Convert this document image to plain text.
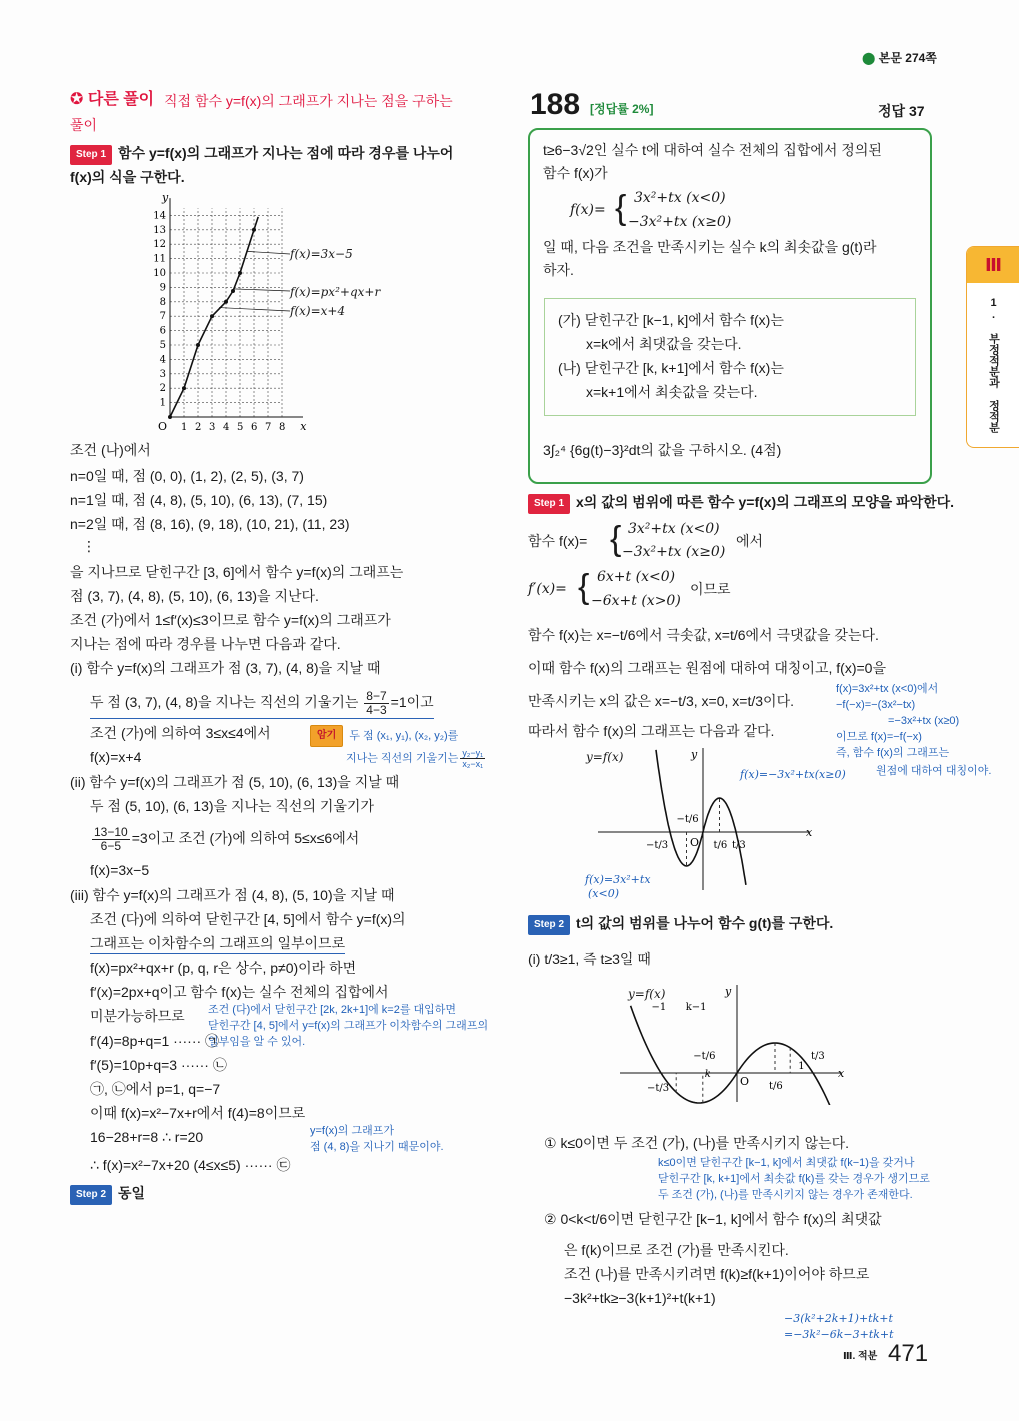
⬤ 본문 274쪽
✪ 다른 풀이 직접 함수 y=f(x)의 그래프가 지나는 점을 구하는
풀이
Step 1 함수 y=f(x)의 그래프가 지나는 점에 따라 경우를 나누어
f(x)의 식을 구한다.
1 2 3 4 5 6 7 8
1
2
3
4
5
6
7
8
9
10
11
12
13
14
O	x
y
f(x)=3x−5
f(x)=px²+qx+r
f(x)=x+4
조건 (나)에서
n=0일 때, 점 (0, 0), (1, 2), (2, 5), (3, 7)
n=1일 때, 점 (4, 8), (5, 10), (6, 13), (7, 15)
n=2일 때, 점 (8, 16), (9, 18), (10, 21), (11, 23)
⋮
을 지나므로 닫힌구간 [3, 6]에서 함수 y=f(x)의 그래프는
점 (3, 7), (4, 8), (5, 10), (6, 13)을 지난다.
조건 (가)에서 1≤f′(x)≤3이므로 함수 y=f(x)의 그래프가
지나는 점에 따라 경우를 나누면 다음과 같다.
(i) 함수 y=f(x)의 그래프가 점 (3, 7), (4, 8)을 지날 때
두 점 (3, 7), (4, 8)을 지나는 직선의 기울기는 $\frac{8-7}{4-3} =1$이고
조건 (가)에 의하여 3≤x≤4에서	암기 두 점 (x₁, y₁), (x₂, y₂)를
지나는 직선의 기울기는 $\frac{\text{y₂−y₁}}{\text{x₂−x₁}}$
f(x)=x+4
(ii) 함수 y=f(x)의 그래프가 점 (5, 10), (6, 13)을 지날 때
두 점 (5, 10), (6, 13)을 지나는 직선의 기울기가
$\frac{13-10}{6-5} =3$이고 조건 (가)에 의하여 5≤x≤6에서
f(x)=3x−5
(iii) 함수 y=f(x)의 그래프가 점 (4, 8), (5, 10)을 지날 때
조건 (다)에 의하여 닫힌구간 [4, 5]에서 함수 y=f(x)의
그래프는 이차함수의 그래프의 일부이므로
f(x)=px²+qx+r (p, q, r은 상수, p≠0)이라 하면
f′(x)=2px+q이고 함수 f(x)는 실수 전체의 집합에서
미분가능하므로 조건 (다)에서 닫힌구간 [2k, 2k+1]에 k=2를 대입하면
닫힌구간 [4, 5]에서 y=f(x)의 그래프가 이차함수의 그래프의
일부임을 알 수 있어.
f′(4)=8p+q=1 ······ ㉠
f′(5)=10p+q=3 ······ ㉡
㉠, ㉡에서 p=1, q=−7
이때 f(x)=x²−7x+r에서 f(4)=8이므로
16−28+r=8 ∴ r=20	y=f(x)의 그래프가
점 (4, 8)을 지나기 때문이야.
∴ f(x)=x²−7x+20 (4≤x≤5) ······ ㉢
Step 2 동일
188 [정답률 2%]	정답 37
t≥6−3√2인 실수 t에 대하여 실수 전체의 집합에서 정의된
함수 f(x)가
f(x)= { 3x²+tx (x<0)
−3x²+tx (x≥0)
일 때, 다음 조건을 만족시키는 실수 k의 최솟값을 g(t)라
하자.
(가) 닫힌구간 [k−1, k]에서 함수 f(x)는
x=k에서 최댓값을 갖는다.
(나) 닫힌구간 [k, k+1]에서 함수 f(x)는
x=k+1에서 최솟값을 갖는다.
3∫₂⁴ {6g(t)−3}²dt의 값을 구하시오. (4점)
Step 1 x의 값의 범위에 따른 함수 y=f(x)의 그래프의 모양을 파악한다.
함수 f(x)= { 3x²+tx (x<0)
−3x²+tx (x≥0)
에서
f′(x)= { 6x+t (x<0)
−6x+t (x>0)
이므로
함수 f(x)는 x=−t/6에서 극솟값, x=t/6에서 극댓값을 갖는다.
이때 함수 f(x)의 그래프는 원점에 대하여 대칭이고, f(x)=0을
만족시키는 x의 값은 x=−t/3, x=0, x=t/3이다.
따라서 함수 f(x)의 그래프는 다음과 같다.
f(x)=3x²+tx (x<0)에서
−f(−x)=−(3x²−tx)
=−3x²+tx (x≥0)
이므로 f(x)=−f(−x)
즉, 함수 f(x)의 그래프는
원점에 대하여 대칭이야.
−t/6
−t/3	t/6 t/3
O
x
y
y=f(x)
f(x)=−3x²+tx(x≥0)
f(x)=3x²+tx
(x<0)
Step 2 t의 값의 범위를 나누어 함수 g(t)를 구한다.
(i) t/3≥1, 즉 t≥3일 때
−1 k−1
−t/6
−t/3
k
t/6
1
t/3
O
x
y
y=f(x)
① k≤0이면 두 조건 (가), (나)를 만족시키지 않는다.
k≤0이면 닫힌구간 [k−1, k]에서 최댓값 f(k−1)을 갖거나
닫힌구간 [k, k+1]에서 최솟값 f(k)를 갖는 경우가 생기므로
두 조건 (가), (나)를 만족시키지 않는 경우가 존재한다.
② 0<k<t/6이면 닫힌구간 [k−1, k]에서 함수 f(x)의 최댓값
은 f(k)이므로 조건 (가)를 만족시킨다.
조건 (나)를 만족시키려면 f(k)≥f(k+1)이어야 하므로
−3k²+tk≥−3(k+1)²+t(k+1)
−3(k²+2k+1)+tk+t
=−3k²−6k−3+tk+t
Ⅲ
1. 부정적분과 정적분
Ⅲ. 적분 471
